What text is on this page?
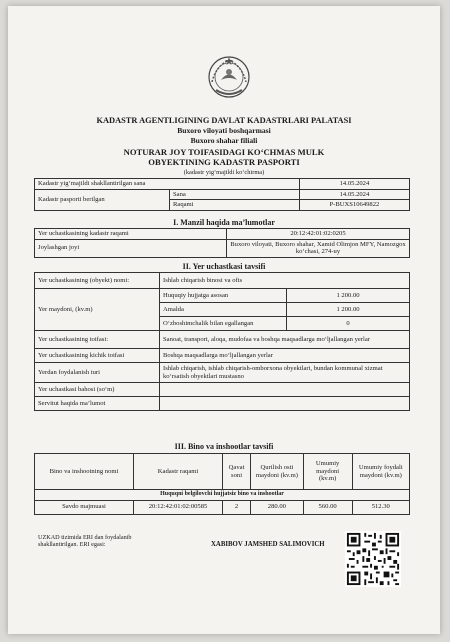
KADASTR AGENTLIGINING DAVLAT KADASTRLARI PALATASI
Buxoro viloyati boshqarmasi
Buxoro shahar filiali
NOTURAR JOY TOIFASIDAGI KO‘CHMAS MULK
OBYEKTINING KADASTR PASPORTI
(kadastr yig‘majildi ko‘chirma)
Kadastr yig‘majildi shakllantirilgan sana		14.05.2024
Kadastr pasporti berilgan	Sana	14.05.2024
	Raqami	P-BUXS10649822
I. Manzil haqida ma’lumotlar
Yer uchastkasining kadastr raqami	20:12:42:01:02:0205
Joylashgan joyi	Buxoro viloyati, Buxoro shahar, Xamid Olimjon MFY, Namozgox ko‘chasi, 274-uy
II. Yer uchastkasi tavsifi
Yer uchastkasining (obyekt) nomi:	Ishlab chiqarish binosi va ofis	
Yer maydoni, (kv.m)	Huquqiy hujjatga asosan	1 200.00
	Amalda	1 200.00
	O‘zboshimchalik bilan egallangan	0
Yer uchastkasining toifasi:	Sanoat, transport, aloqa, mudofaa va boshqa maqsadlarga mo‘ljallangan yerlar	
Yer uchastkasining kichik toifasi	Boshqa maqsadlarga mo‘ljallangan yerlar	
Yerdan foydalanish turi	Ishlab chiqarish, ishlab chiqarish-omborxona obyektlari, bundan kommunal xizmat ko‘rsatish obyektlari mustasno	
Yer uchastkasi bahosi (so‘m)		
Servitut haqida ma’lumot		
III. Bino va inshootlar tavsifi
Bino va inshootning nomi	Kadastr raqami	Qavat soni	Qurilish osti maydoni (kv.m)	Umumiy maydoni (kv.m)	Umumiy foydali maydoni (kv.m)
Huquqni belgilovchi hujjatsiz bino va inshootlar					
Savdo majmuasi	20:12:42:01:02:00585	2	280.00	560.00	512.30
UZKAD tizimida ERI dan foydalanib shakllantirilgan. ERI egasi:	XABIBOV JAMSHED SALIMOVICH
